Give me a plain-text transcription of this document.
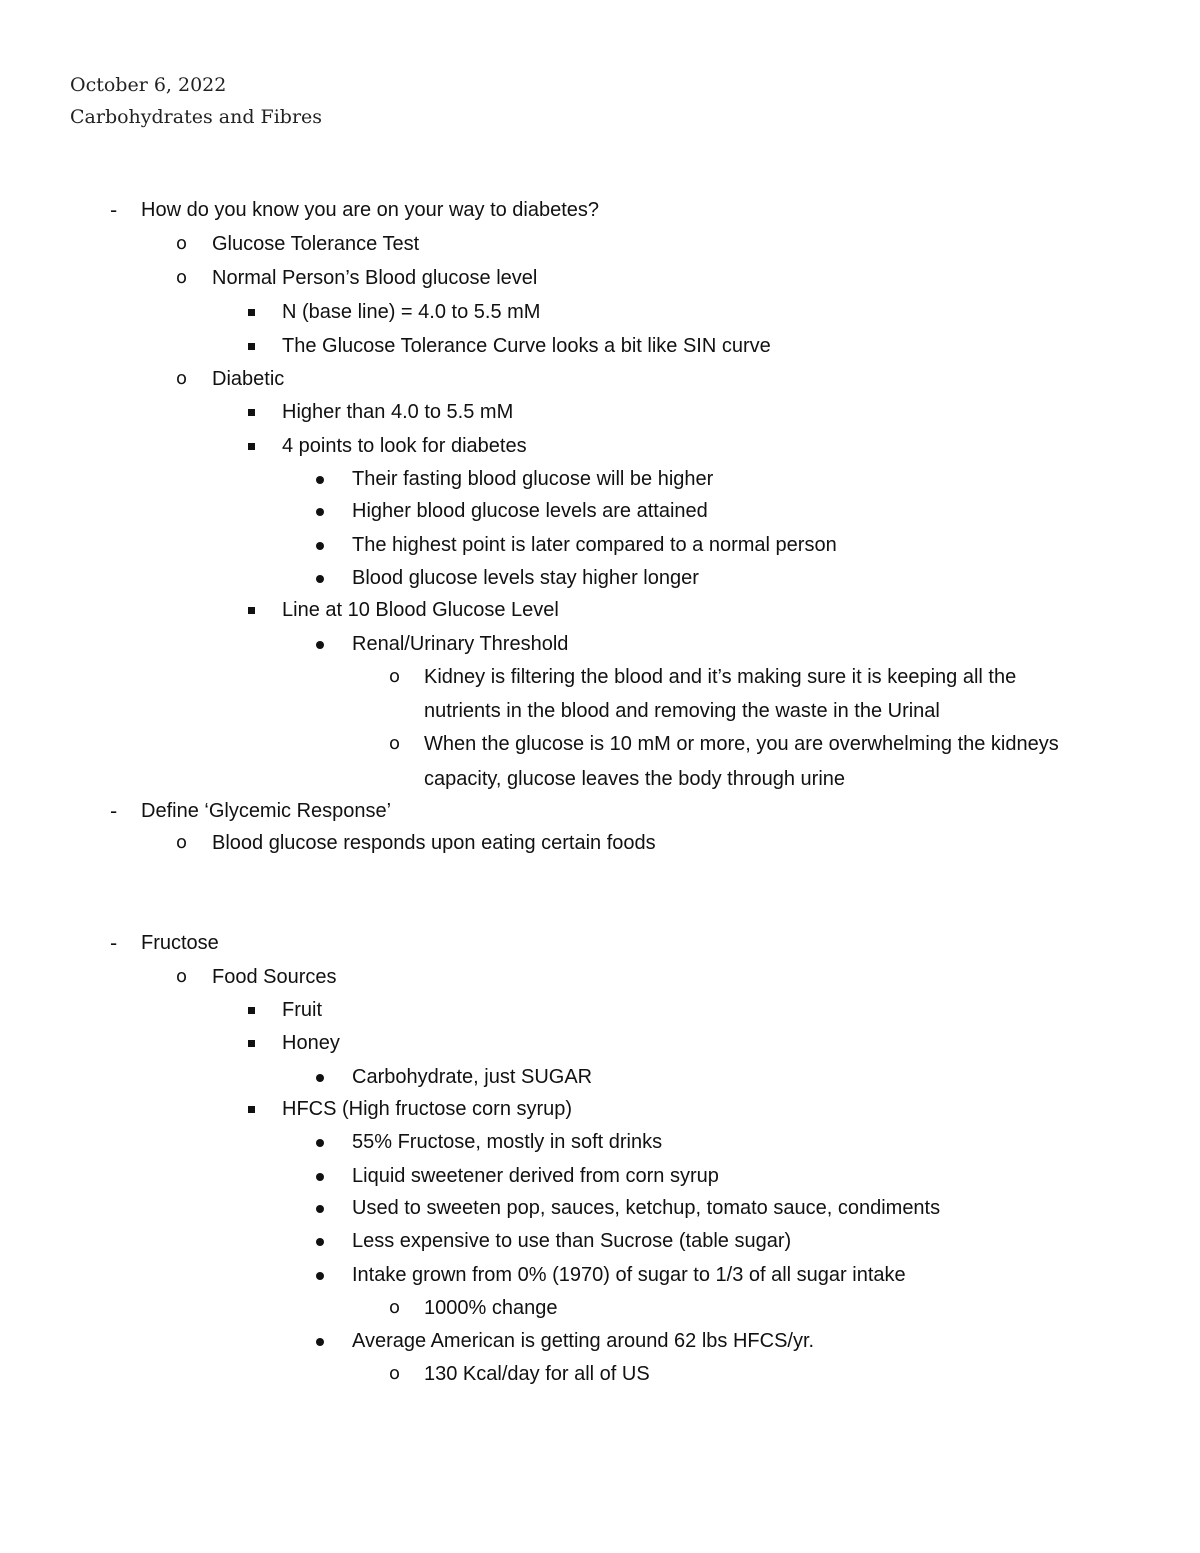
October 6, 2022
Carbohydrates and Fibres
- How do you know you are on your way to diabetes?
o Glucose Tolerance Test
o Normal Person’s Blood glucose level
N (base line) = 4.0 to 5.5 mM
The Glucose Tolerance Curve looks a bit like SIN curve
o Diabetic
Higher than 4.0 to 5.5 mM
4 points to look for diabetes
Their fasting blood glucose will be higher
Higher blood glucose levels are attained
The highest point is later compared to a normal person
Blood glucose levels stay higher longer
Line at 10 Blood Glucose Level
Renal/Urinary Threshold
o Kidney is filtering the blood and it’s making sure it is keeping all the
nutrients in the blood and removing the waste in the Urinal
o When the glucose is 10 mM or more, you are overwhelming the kidneys
capacity, glucose leaves the body through urine
- Define ‘Glycemic Response’
o Blood glucose responds upon eating certain foods
- Fructose
o Food Sources
Fruit
Honey
Carbohydrate, just SUGAR
HFCS (High fructose corn syrup)
55% Fructose, mostly in soft drinks
Liquid sweetener derived from corn syrup
Used to sweeten pop, sauces, ketchup, tomato sauce, condiments
Less expensive to use than Sucrose (table sugar)
Intake grown from 0% (1970) of sugar to 1/3 of all sugar intake
o 1000% change
Average American is getting around 62 lbs HFCS/yr.
o 130 Kcal/day for all of US
